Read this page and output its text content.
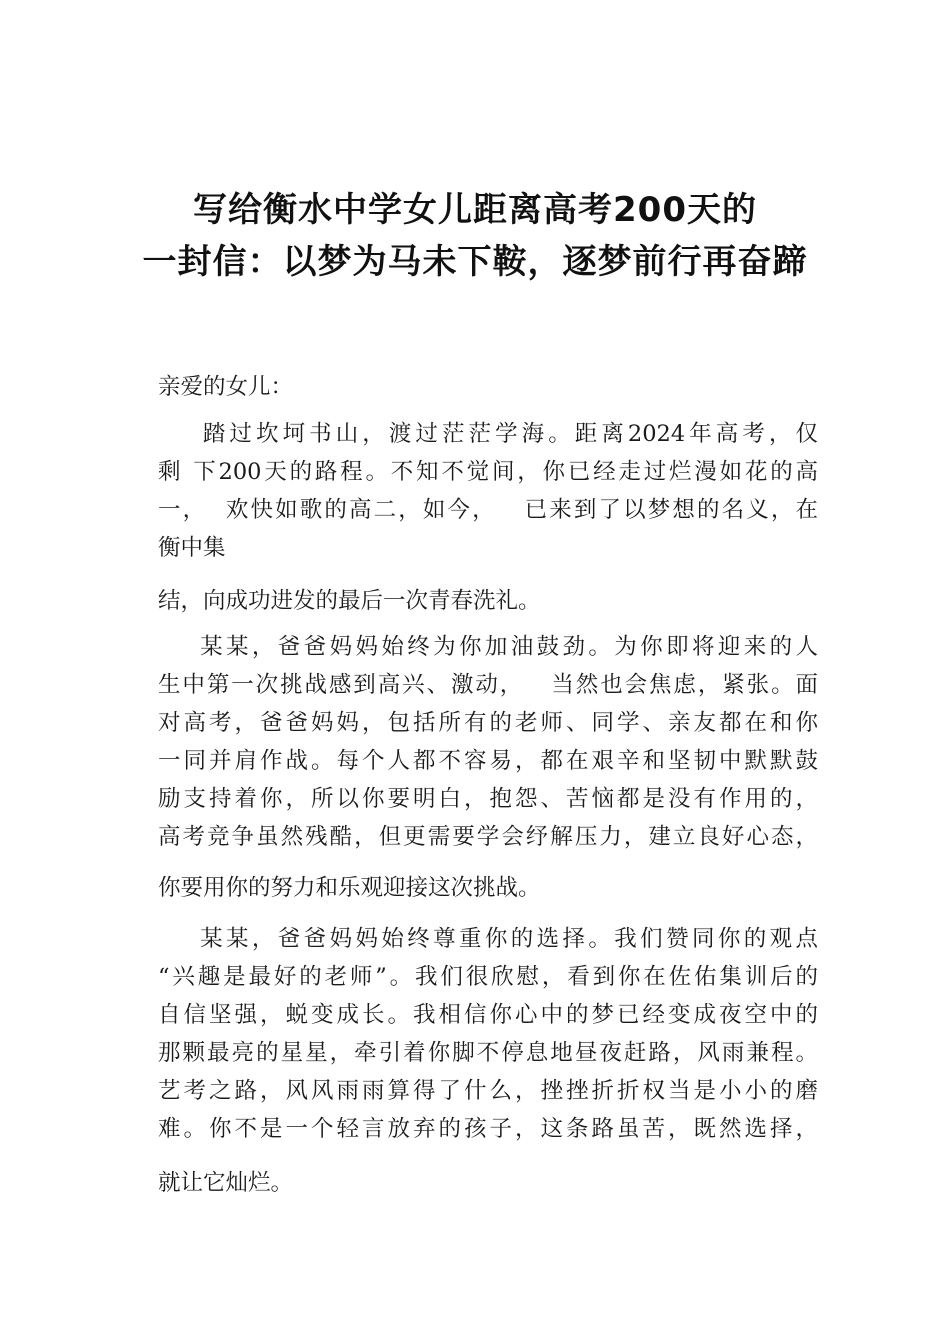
写给衡水中学女儿距离高考200天的
一封信：以梦为马未下鞍，逐梦前行再奋蹄
亲爱的女儿：
踏过坎坷书山，渡过茫茫学海。距离2024年高考，仅
剩 下200天的路程。不知不觉间，你已经走过烂漫如花的高
一，  欢快如歌的高二，如今，   已来到了以梦想的名义，在
衡中集
结，向成功进发的最后一次青春洗礼。
某某，爸爸妈妈始终为你加油鼓劲。为你即将迎来的人
生中第一次挑战感到高兴、激动，   当然也会焦虑，紧张。面
对高考，爸爸妈妈，包括所有的老师、同学、亲友都在和你
一同并肩作战。每个人都不容易，都在艰辛和坚韧中默默鼓
励支持着你，所以你要明白，抱怨、苦恼都是没有作用的，
高考竞争虽然残酷，但更需要学会纾解压力，建立良好心态，
你要用你的努力和乐观迎接这次挑战。
某某，爸爸妈妈始终尊重你的选择。我们赞同你的观点
“兴趣是最好的老师”。我们很欣慰，看到你在佐佑集训后的
自信坚强，蜕变成长。我相信你心中的梦已经变成夜空中的
那颗最亮的星星，牵引着你脚不停息地昼夜赶路，风雨兼程。
艺考之路，风风雨雨算得了什么，挫挫折折权当是小小的磨
难。你不是一个轻言放弃的孩子，这条路虽苦，既然选择，
就让它灿烂。
